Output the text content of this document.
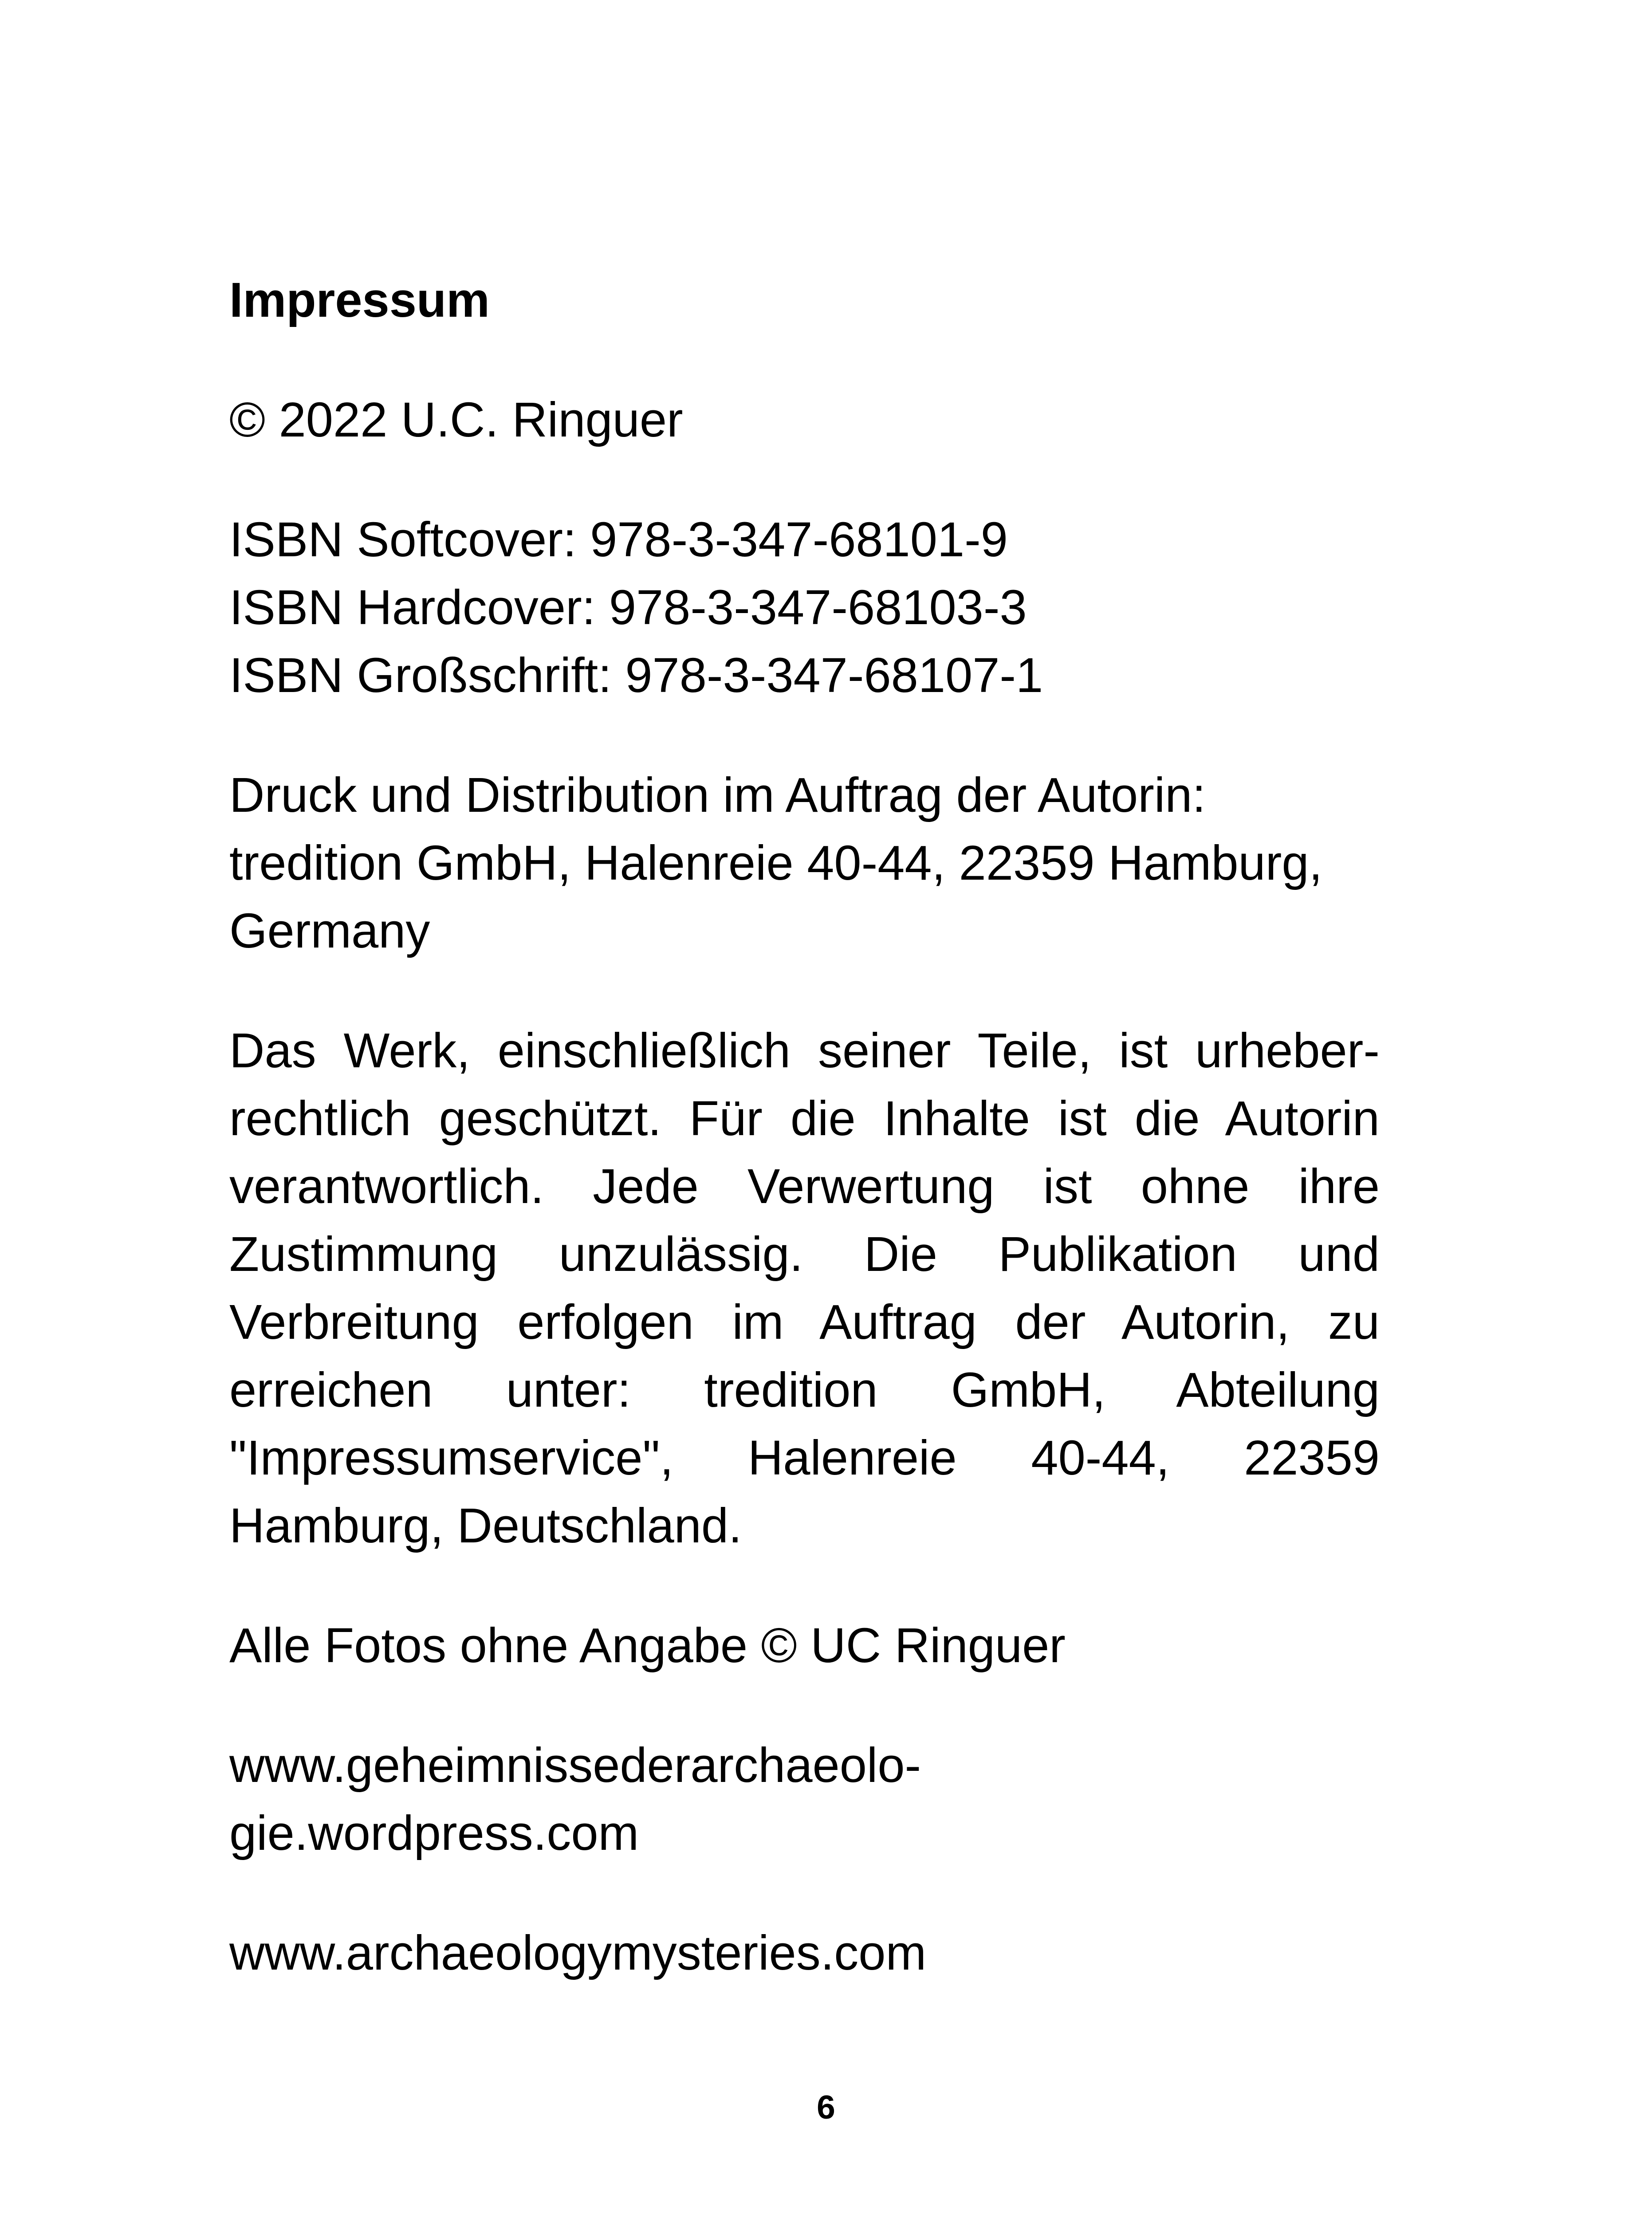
Impressum
© 2022 U.C. Ringuer
ISBN Softcover: 978-3-347-68101-9
ISBN Hardcover: 978-3-347-68103-3
ISBN Großschrift: 978-3-347-68107-1
Druck und Distribution im Auftrag der Autorin:
tredition GmbH, Halenreie 40-44, 22359 Hamburg,
Germany
Das Werk, einschließlich seiner Teile, ist urheberrechtlich geschützt. Für die Inhalte ist die Autorin verantwortlich. Jede Verwertung ist ohne ihre Zustimmung unzulässig. Die Publikation und Verbreitung erfolgen im Auftrag der Autorin, zu erreichen unter: tredition GmbH, Abteilung "Impressumservice", Halenreie 40-44, 22359 Hamburg, Deutschland.
Alle Fotos ohne Angabe © UC Ringuer
www.geheimnissederarchaeolo-
gie.wordpress.com
www.archaeologymysteries.com
6
